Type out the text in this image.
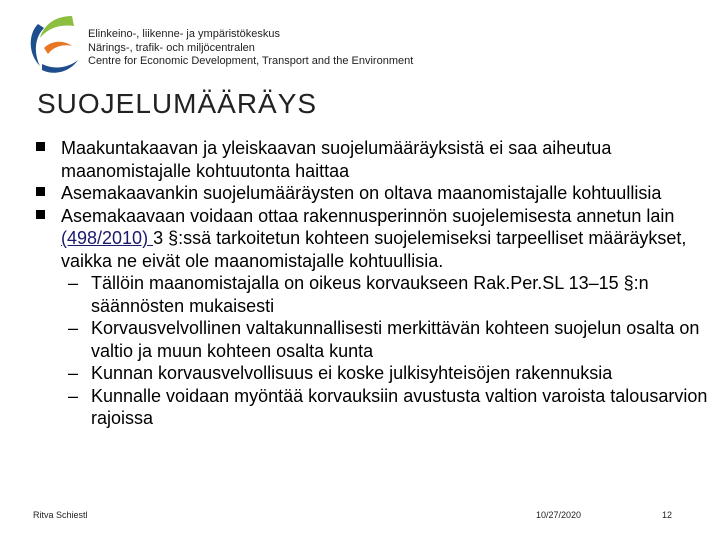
Elinkeino-, liikenne- ja ympäristökeskus
Närings-, trafik- och miljöcentralen
Centre for Economic Development, Transport and the Environment
SUOJELUMÄÄRÄYS
Maakuntakaavan ja yleiskaavan suojelumääräyksistä ei saa aiheutua maanomistajalle kohtuutonta haittaa
Asemakaavankin suojelumääräysten on oltava maanomistajalle kohtuullisia
Asemakaavaan voidaan ottaa rakennusperinnön suojelemisesta annetun lain (498/2010) 3 §:ssä tarkoitetun kohteen suojelemiseksi tarpeelliset määräykset, vaikka ne eivät ole maanomistajalle kohtuullisia.
– Tällöin maanomistajalla on oikeus korvaukseen Rak.Per.SL 13–15 §:n säännösten mukaisesti
– Korvausvelvollinen valtakunnallisesti merkittävän kohteen suojelun osalta on valtio ja muun kohteen osalta kunta
– Kunnan korvausvelvollisuus ei koske julkisyhteisöjen rakennuksia
– Kunnalle voidaan myöntää korvauksiin avustusta valtion varoista talousarvion rajoissa
Ritva Schiestl	10/27/2020	12
